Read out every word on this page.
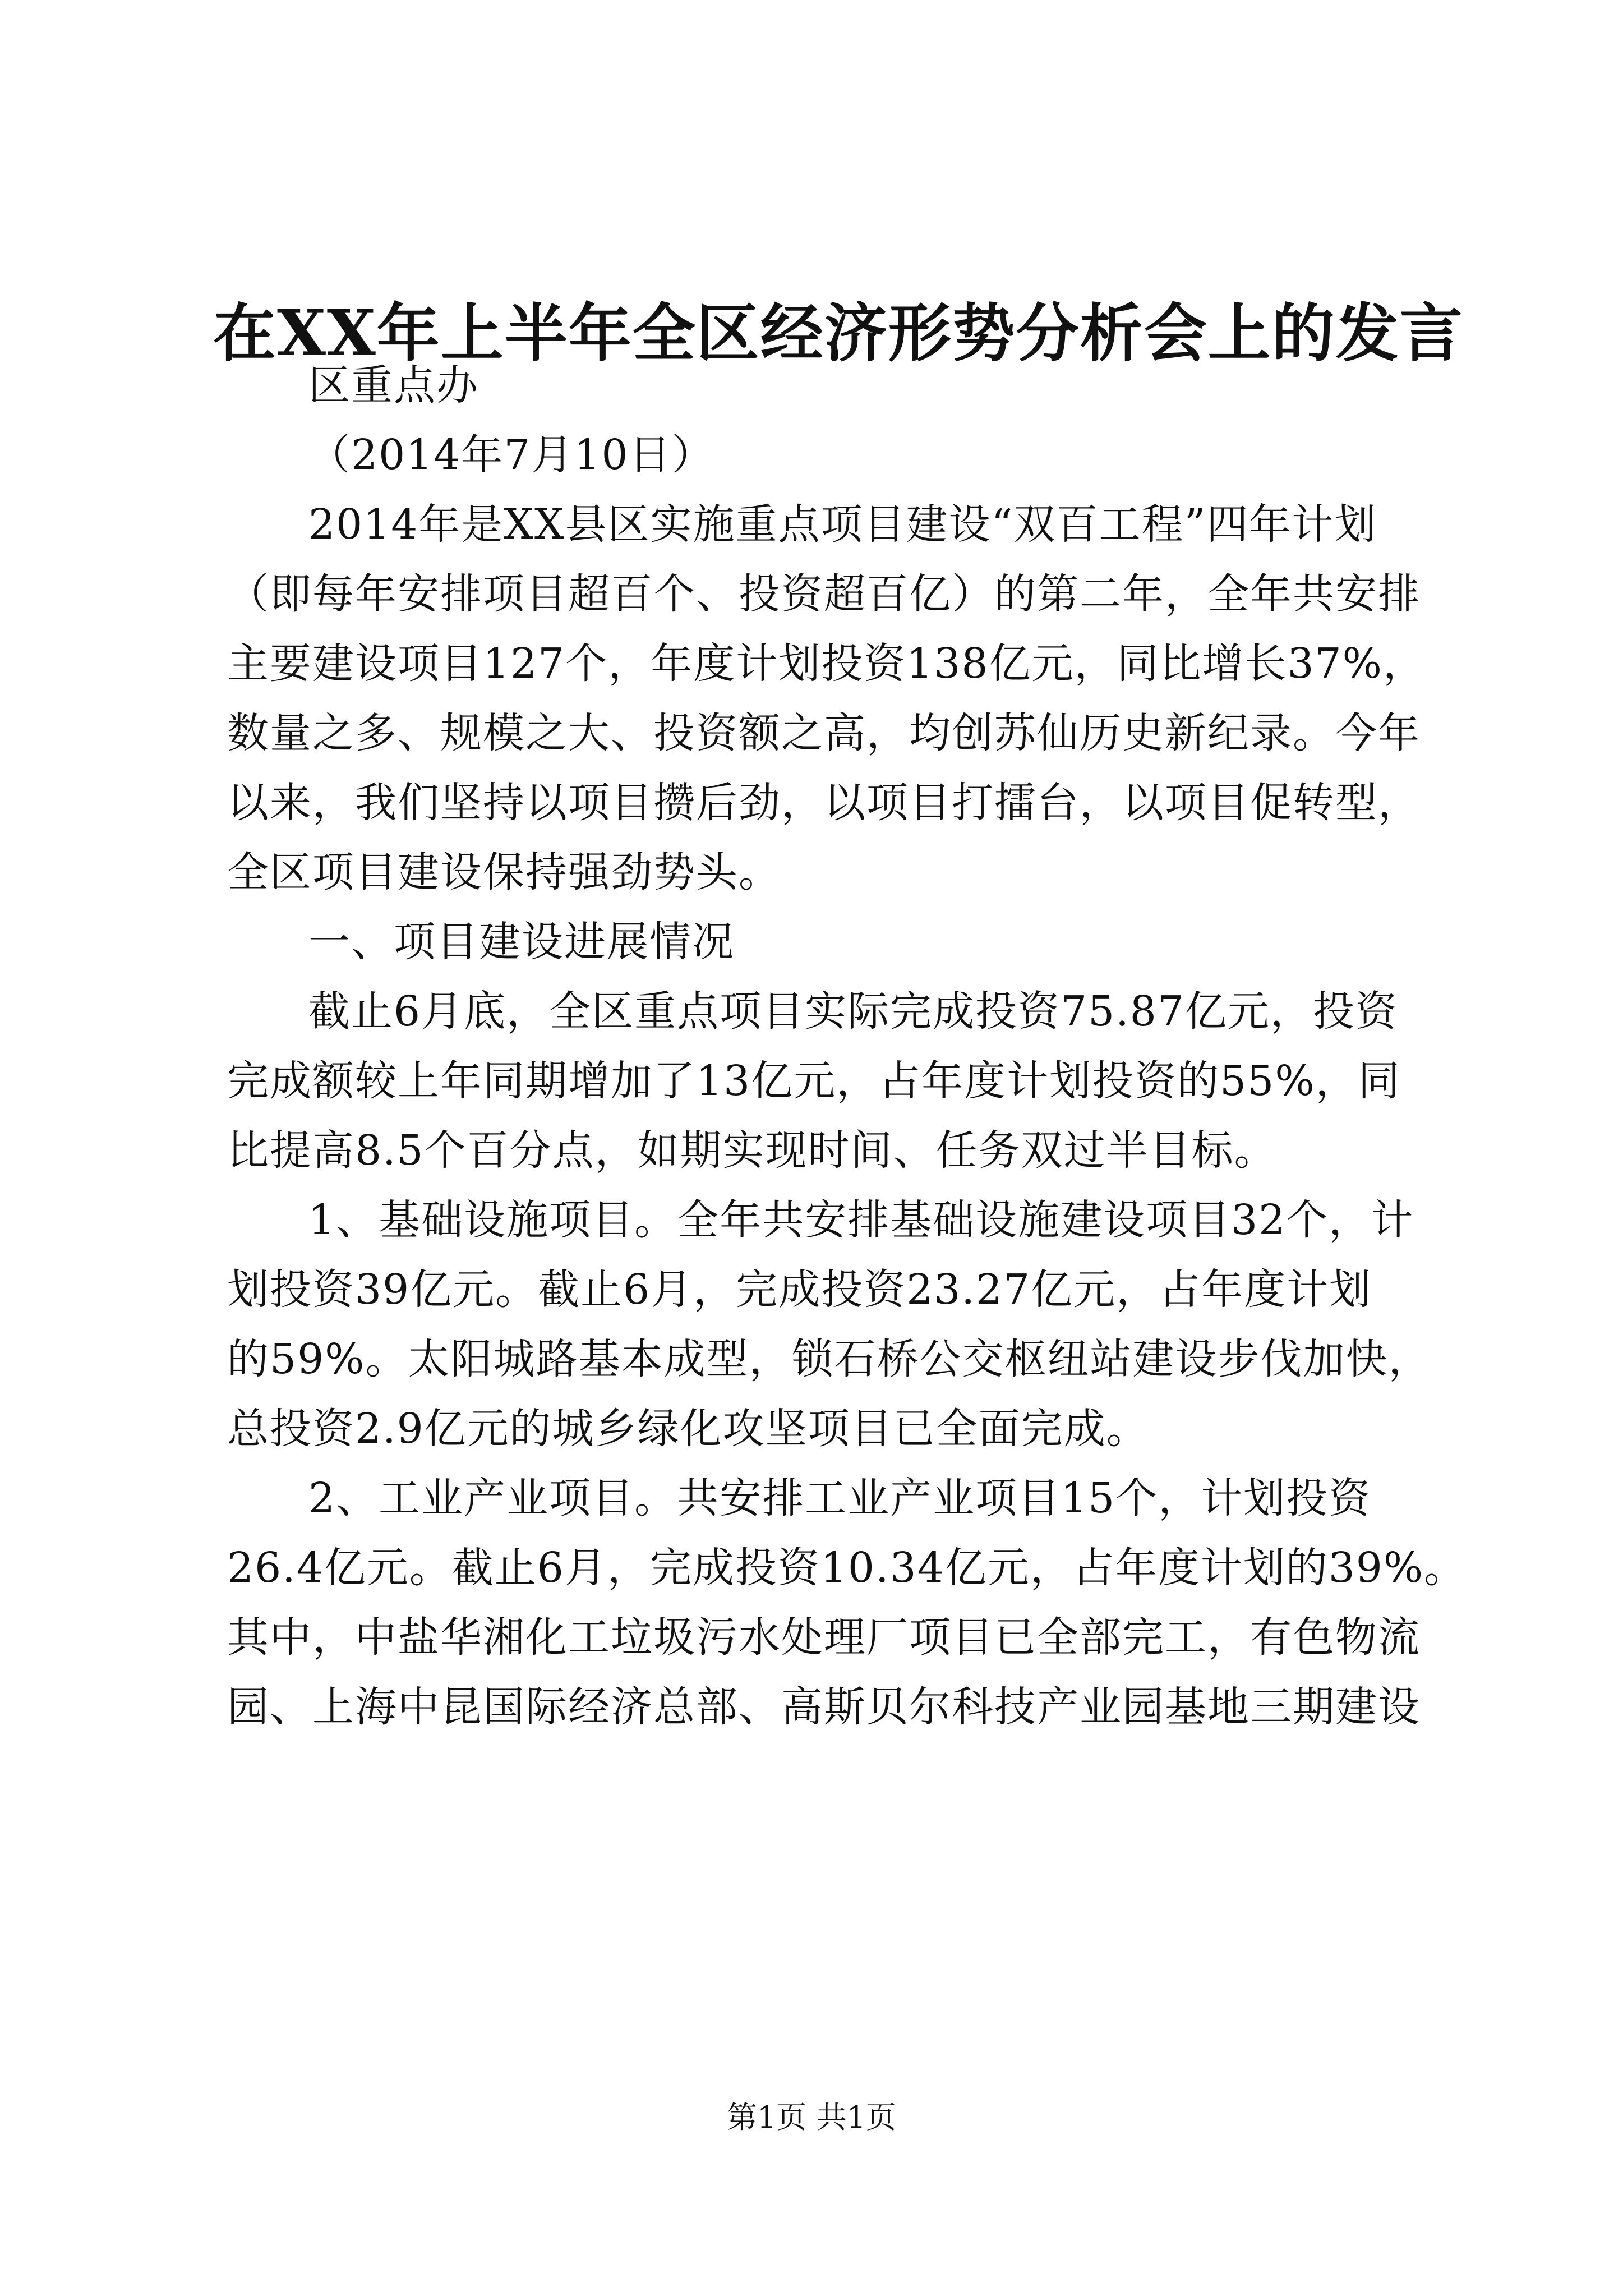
在XX年上半年全区经济形势分析会上的发言
区重点办
（2014年7月10日）
2014年是XX县区实施重点项目建设“双百工程”四年计划
（即每年安排项目超百个、投资超百亿）的第二年，全年共安排
主要建设项目127个，年度计划投资138亿元，同比增长37%，
数量之多、规模之大、投资额之高，均创苏仙历史新纪录。今年
以来，我们坚持以项目攒后劲，以项目打擂台，以项目促转型，
全区项目建设保持强劲势头。
一、项目建设进展情况
截止6月底，全区重点项目实际完成投资75.87亿元，投资
完成额较上年同期增加了13亿元，占年度计划投资的55%，同
比提高8.5个百分点，如期实现时间、任务双过半目标。
1、基础设施项目。全年共安排基础设施建设项目32个，计
划投资39亿元。截止6月，完成投资23.27亿元，占年度计划
的59%。太阳城路基本成型，锁石桥公交枢纽站建设步伐加快，
总投资2.9亿元的城乡绿化攻坚项目已全面完成。
2、工业产业项目。共安排工业产业项目15个，计划投资
26.4亿元。截止6月，完成投资10.34亿元，占年度计划的39%。
其中，中盐华湘化工垃圾污水处理厂项目已全部完工，有色物流
园、上海中昆国际经济总部、高斯贝尔科技产业园基地三期建设
第1页 共1页
